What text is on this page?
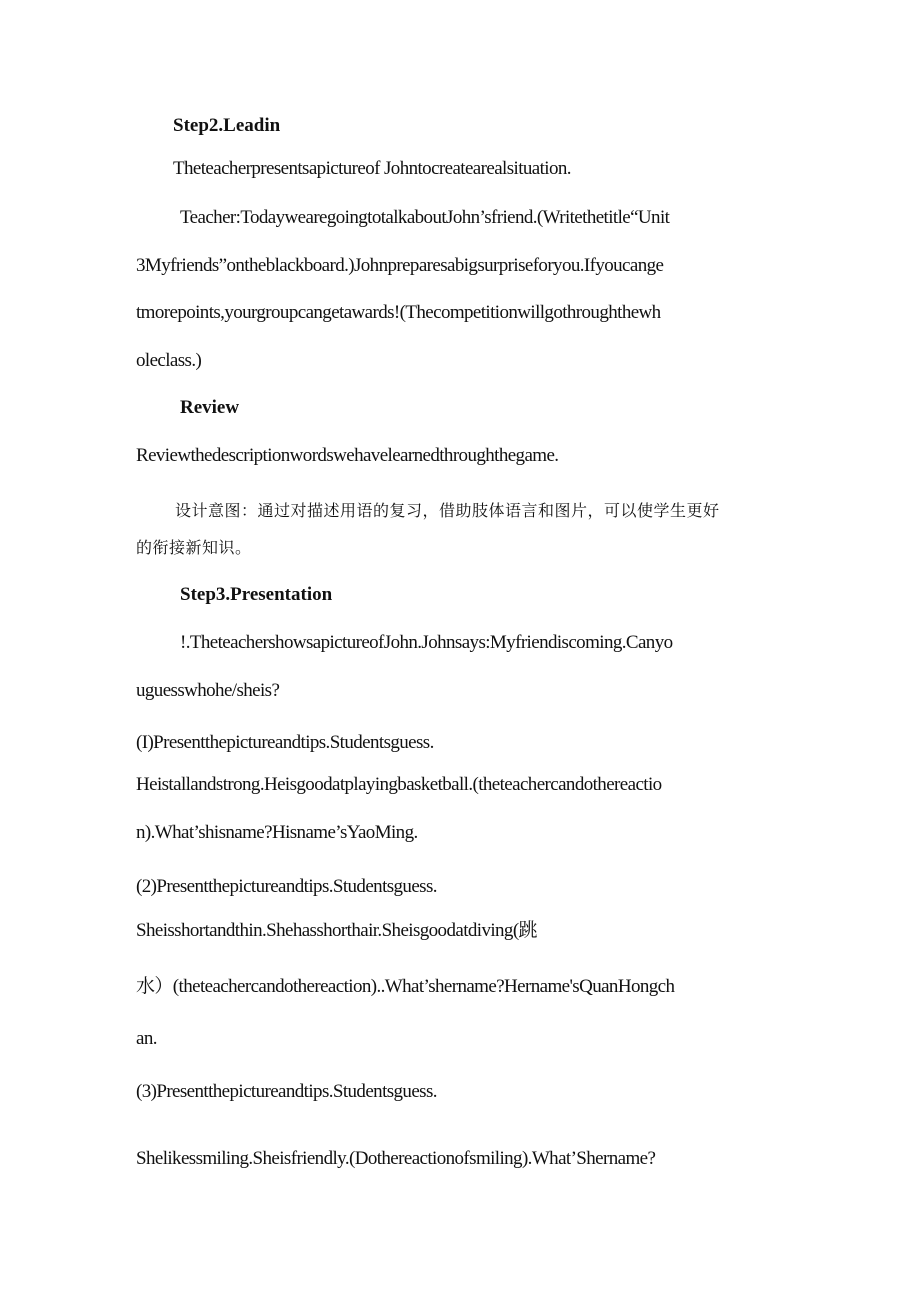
Step2.Leadin
Theteacherpresentsapictureof Johntocreatearealsituation.
Teacher:TodaywearegoingtotalkaboutJohn’sfriend.(Writethetitle“Unit
3Myfriends”ontheblackboard.)Johnpreparesabigsurpriseforyou.Ifyoucange
tmorepoints,yourgroupcangetawards!(Thecompetitionwillgothroughthewh
oleclass.)
Review
Reviewthedescriptionwordswehavelearnedthroughthegame.
设计意图：通过对描述用语的复习，借助肢体语言和图片，可以使学生更好
的衔接新知识。
Step3.Presentation
!.TheteachershowsapictureofJohn.Johnsays:Myfriendiscoming.Canyo
uguesswhohe/sheis?
(I)Presentthepictureandtips.Studentsguess.
Heistallandstrong.Heisgoodatplayingbasketball.(theteachercandothereactio
n).What’shisname?Hisname’sYaoMing.
(2)Presentthepictureandtips.Studentsguess.
Sheisshortandthin.Shehasshorthair.Sheisgoodatdiving(跳
水）(theteachercandothereaction)..What’shername?Hername'sQuanHongch
an.
(3)Presentthepictureandtips.Studentsguess.
Shelikessmiling.Sheisfriendly.(Dothereactionofsmiling).What’Shername?
